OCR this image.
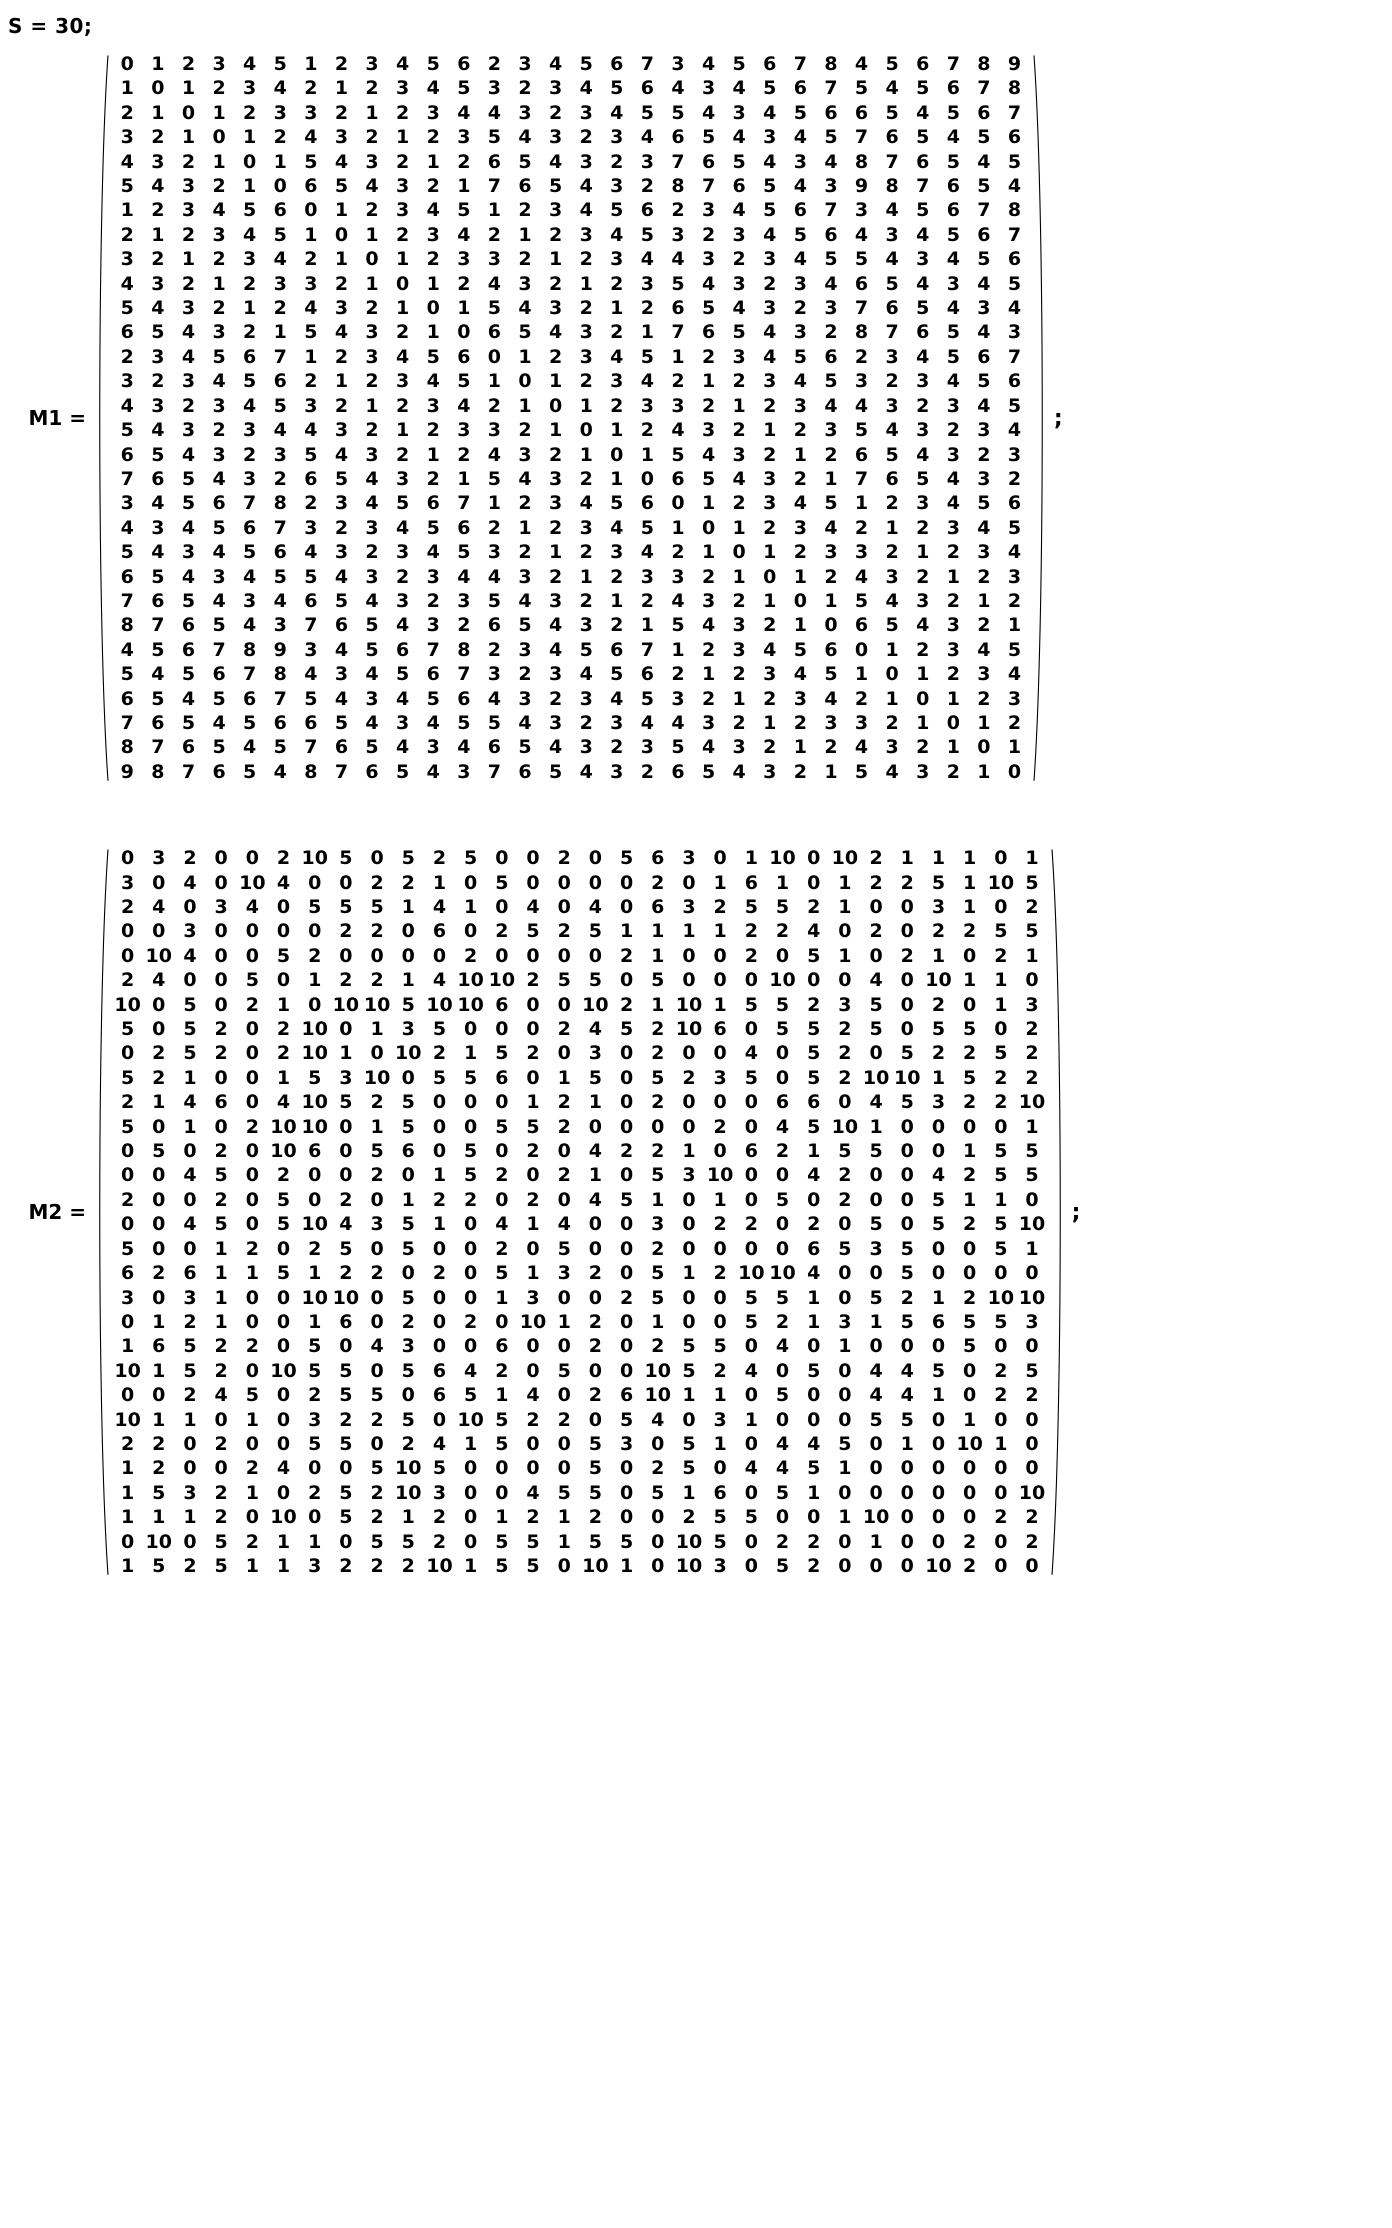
S = 30;
M1 =
0 1 2 3 4 5 1 2 3 4 5 6 2 3 4 5 6 7 3 4 5 6 7 8 4 5 6 7 8 9
1 0 1 2 3 4 2 1 2 3 4 5 3 2 3 4 5 6 4 3 4 5 6 7 5 4 5 6 7 8
2 1 0 1 2 3 3 2 1 2 3 4 4 3 2 3 4 5 5 4 3 4 5 6 6 5 4 5 6 7
3 2 1 0 1 2 4 3 2 1 2 3 5 4 3 2 3 4 6 5 4 3 4 5 7 6 5 4 5 6
4 3 2 1 0 1 5 4 3 2 1 2 6 5 4 3 2 3 7 6 5 4 3 4 8 7 6 5 4 5
5 4 3 2 1 0 6 5 4 3 2 1 7 6 5 4 3 2 8 7 6 5 4 3 9 8 7 6 5 4
1 2 3 4 5 6 0 1 2 3 4 5 1 2 3 4 5 6 2 3 4 5 6 7 3 4 5 6 7 8
2 1 2 3 4 5 1 0 1 2 3 4 2 1 2 3 4 5 3 2 3 4 5 6 4 3 4 5 6 7
3 2 1 2 3 4 2 1 0 1 2 3 3 2 1 2 3 4 4 3 2 3 4 5 5 4 3 4 5 6
4 3 2 1 2 3 3 2 1 0 1 2 4 3 2 1 2 3 5 4 3 2 3 4 6 5 4 3 4 5
5 4 3 2 1 2 4 3 2 1 0 1 5 4 3 2 1 2 6 5 4 3 2 3 7 6 5 4 3 4
6 5 4 3 2 1 5 4 3 2 1 0 6 5 4 3 2 1 7 6 5 4 3 2 8 7 6 5 4 3
2 3 4 5 6 7 1 2 3 4 5 6 0 1 2 3 4 5 1 2 3 4 5 6 2 3 4 5 6 7
3 2 3 4 5 6 2 1 2 3 4 5 1 0 1 2 3 4 2 1 2 3 4 5 3 2 3 4 5 6
4 3 2 3 4 5 3 2 1 2 3 4 2 1 0 1 2 3 3 2 1 2 3 4 4 3 2 3 4 5
5 4 3 2 3 4 4 3 2 1 2 3 3 2 1 0 1 2 4 3 2 1 2 3 5 4 3 2 3 4
6 5 4 3 2 3 5 4 3 2 1 2 4 3 2 1 0 1 5 4 3 2 1 2 6 5 4 3 2 3
7 6 5 4 3 2 6 5 4 3 2 1 5 4 3 2 1 0 6 5 4 3 2 1 7 6 5 4 3 2
3 4 5 6 7 8 2 3 4 5 6 7 1 2 3 4 5 6 0 1 2 3 4 5 1 2 3 4 5 6
4 3 4 5 6 7 3 2 3 4 5 6 2 1 2 3 4 5 1 0 1 2 3 4 2 1 2 3 4 5
5 4 3 4 5 6 4 3 2 3 4 5 3 2 1 2 3 4 2 1 0 1 2 3 3 2 1 2 3 4
6 5 4 3 4 5 5 4 3 2 3 4 4 3 2 1 2 3 3 2 1 0 1 2 4 3 2 1 2 3
7 6 5 4 3 4 6 5 4 3 2 3 5 4 3 2 1 2 4 3 2 1 0 1 5 4 3 2 1 2
8 7 6 5 4 3 7 6 5 4 3 2 6 5 4 3 2 1 5 4 3 2 1 0 6 5 4 3 2 1
4 5 6 7 8 9 3 4 5 6 7 8 2 3 4 5 6 7 1 2 3 4 5 6 0 1 2 3 4 5
5 4 5 6 7 8 4 3 4 5 6 7 3 2 3 4 5 6 2 1 2 3 4 5 1 0 1 2 3 4
6 5 4 5 6 7 5 4 3 4 5 6 4 3 2 3 4 5 3 2 1 2 3 4 2 1 0 1 2 3
7 6 5 4 5 6 6 5 4 3 4 5 5 4 3 2 3 4 4 3 2 1 2 3 3 2 1 0 1 2
8 7 6 5 4 5 7 6 5 4 3 4 6 5 4 3 2 3 5 4 3 2 1 2 4 3 2 1 0 1
9 8 7 6 5 4 8 7 6 5 4 3 7 6 5 4 3 2 6 5 4 3 2 1 5 4 3 2 1 0
;
M2 =
0 3 2 0 0 2 10 5 0 5 2 5 0 0 2 0 5 6 3 0 1 10 0 10 2 1 1 1 0 1
3 0 4 0 10 4 0 0 2 2 1 0 5 0 0 0 0 2 0 1 6 1 0 1 2 2 5 1 10 5
2 4 0 3 4 0 5 5 5 1 4 1 0 4 0 4 0 6 3 2 5 5 2 1 0 0 3 1 0 2
0 0 3 0 0 0 0 2 2 0 6 0 2 5 2 5 1 1 1 1 2 2 4 0 2 0 2 2 5 5
0 10 4 0 0 5 2 0 0 0 0 2 0 0 0 0 2 1 0 0 2 0 5 1 0 2 1 0 2 1
2 4 0 0 5 0 1 2 2 1 4 10 10 2 5 5 0 5 0 0 0 10 0 0 4 0 10 1 1 0
10 0 5 0 2 1 0 10 10 5 10 10 6 0 0 10 2 1 10 1 5 5 2 3 5 0 2 0 1 3
5 0 5 2 0 2 10 0 1 3 5 0 0 0 2 4 5 2 10 6 0 5 5 2 5 0 5 5 0 2
0 2 5 2 0 2 10 1 0 10 2 1 5 2 0 3 0 2 0 0 4 0 5 2 0 5 2 2 5 2
5 2 1 0 0 1 5 3 10 0 5 5 6 0 1 5 0 5 2 3 5 0 5 2 10 10 1 5 2 2
2 1 4 6 0 4 10 5 2 5 0 0 0 1 2 1 0 2 0 0 0 6 6 0 4 5 3 2 2 10
5 0 1 0 2 10 10 0 1 5 0 0 5 5 2 0 0 0 0 2 0 4 5 10 1 0 0 0 0 1
0 5 0 2 0 10 6 0 5 6 0 5 0 2 0 4 2 2 1 0 6 2 1 5 5 0 0 1 5 5
0 0 4 5 0 2 0 0 2 0 1 5 2 0 2 1 0 5 3 10 0 0 4 2 0 0 4 2 5 5
2 0 0 2 0 5 0 2 0 1 2 2 0 2 0 4 5 1 0 1 0 5 0 2 0 0 5 1 1 0
0 0 4 5 0 5 10 4 3 5 1 0 4 1 4 0 0 3 0 2 2 0 2 0 5 0 5 2 5 10
5 0 0 1 2 0 2 5 0 5 0 0 2 0 5 0 0 2 0 0 0 0 6 5 3 5 0 0 5 1
6 2 6 1 1 5 1 2 2 0 2 0 5 1 3 2 0 5 1 2 10 10 4 0 0 5 0 0 0 0
3 0 3 1 0 0 10 10 0 5 0 0 1 3 0 0 2 5 0 0 5 5 1 0 5 2 1 2 10 10
0 1 2 1 0 0 1 6 0 2 0 2 0 10 1 2 0 1 0 0 5 2 1 3 1 5 6 5 5 3
1 6 5 2 2 0 5 0 4 3 0 0 6 0 0 2 0 2 5 5 0 4 0 1 0 0 0 5 0 0
10 1 5 2 0 10 5 5 0 5 6 4 2 0 5 0 0 10 5 2 4 0 5 0 4 4 5 0 2 5
0 0 2 4 5 0 2 5 5 0 6 5 1 4 0 2 6 10 1 1 0 5 0 0 4 4 1 0 2 2
10 1 1 0 1 0 3 2 2 5 0 10 5 2 2 0 5 4 0 3 1 0 0 0 5 5 0 1 0 0
2 2 0 2 0 0 5 5 0 2 4 1 5 0 0 5 3 0 5 1 0 4 4 5 0 1 0 10 1 0
1 2 0 0 2 4 0 0 5 10 5 0 0 0 0 5 0 2 5 0 4 4 5 1 0 0 0 0 0 0
1 5 3 2 1 0 2 5 2 10 3 0 0 4 5 5 0 5 1 6 0 5 1 0 0 0 0 0 0 10
1 1 1 2 0 10 0 5 2 1 2 0 1 2 1 2 0 0 2 5 5 0 0 1 10 0 0 0 2 2
0 10 0 5 2 1 1 0 5 5 2 0 5 5 1 5 5 0 10 5 0 2 2 0 1 0 0 2 0 2
1 5 2 5 1 1 3 2 2 2 10 1 5 5 0 10 1 0 10 3 0 5 2 0 0 0 10 2 0 0
;
